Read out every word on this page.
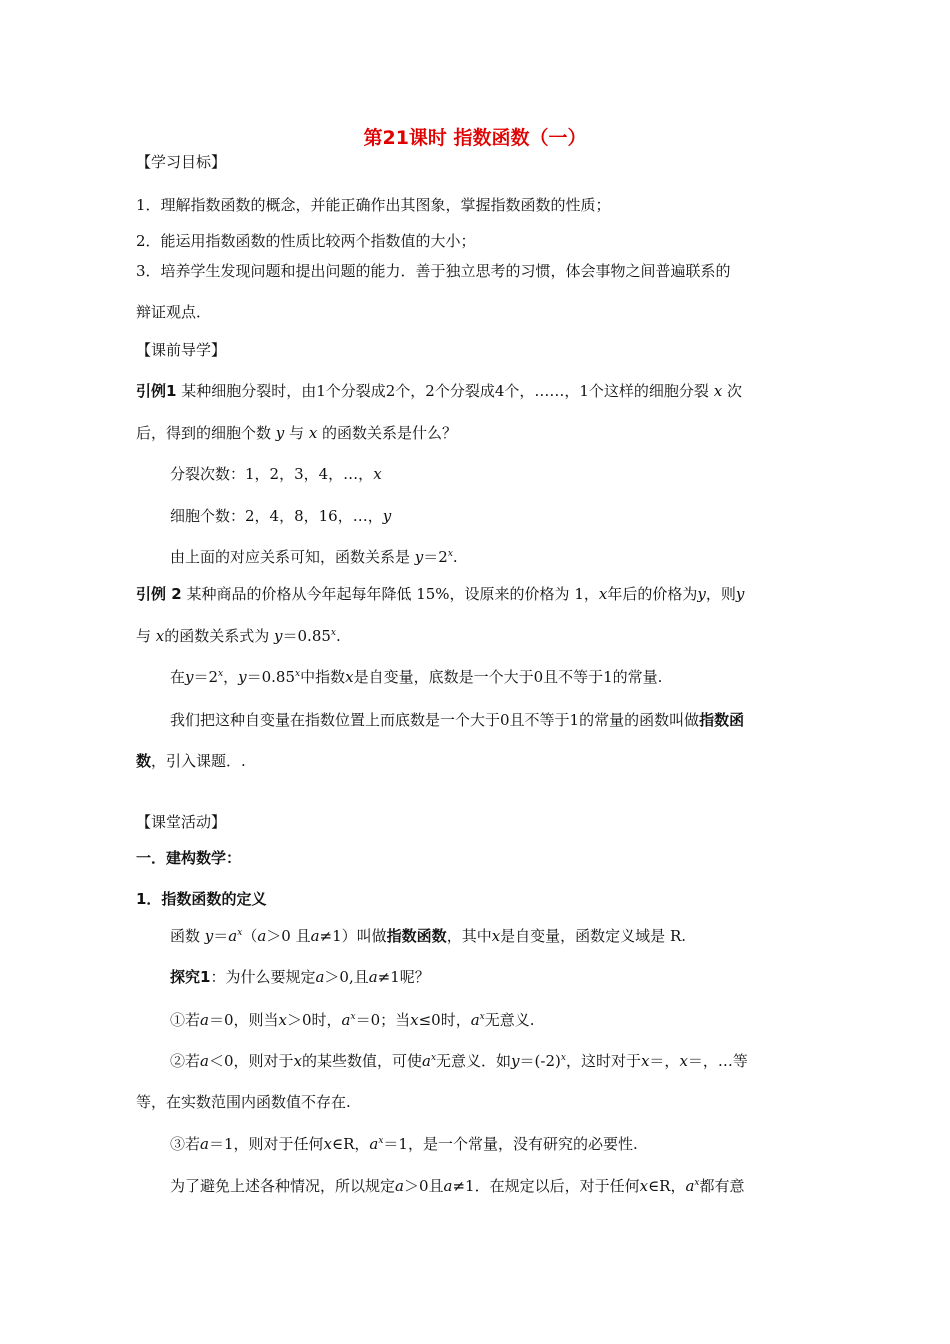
第21课时 指数函数（一）
【学习目标】
1．理解指数函数的概念，并能正确作出其图象，掌握指数函数的性质；
2．能运用指数函数的性质比较两个指数值的大小；
3．培养学生发现问题和提出问题的能力．善于独立思考的习惯，体会事物之间普遍联系的
辩证观点．
【课前导学】
引例1 某种细胞分裂时，由1个分裂成2个，2个分裂成4个，……，1个这样的细胞分裂 x 次
后，得到的细胞个数 y 与 x 的函数关系是什么？
分裂次数：1，2，3，4，…，x
细胞个数：2，4，8，16，…，y
由上面的对应关系可知，函数关系是 $y=2^x$.
引例 2 某种商品的价格从今年起每年降低 15%，设原来的价格为 1，x年后的价格为y，则y
与 x的函数关系式为 $y=0.85^x$.
在$y=2^x$，$y=0.85^x$中指数x是自变量，底数是一个大于0且不等于1的常量.
我们把这种自变量在指数位置上而底数是一个大于0且不等于1的常量的函数叫做指数函
数，引入课题．.
【课堂活动】
一．建构数学：
1．指数函数的定义
函数 $y=a^x(a>0$ 且a≠1）叫做指数函数，其中x是自变量，函数定义域是 R.
探究1：为什么要规定a＞0,且a≠1呢？
①若a＝0，则当x＞0时，$a^x=0$；当x≤0时，$a^x$无意义.
②若a＜0，则对于x的某些数值，可使$a^x$无意义．如$y=(-2)^x$，这时对于x＝，x＝，…等
等，在实数范围内函数值不存在.
③若a＝1，则对于任何x∈R，$a^x=1$，是一个常量，没有研究的必要性.
为了避免上述各种情况，所以规定a＞0且a≠1．在规定以后，对于任何x∈R，$a^x$都有意
